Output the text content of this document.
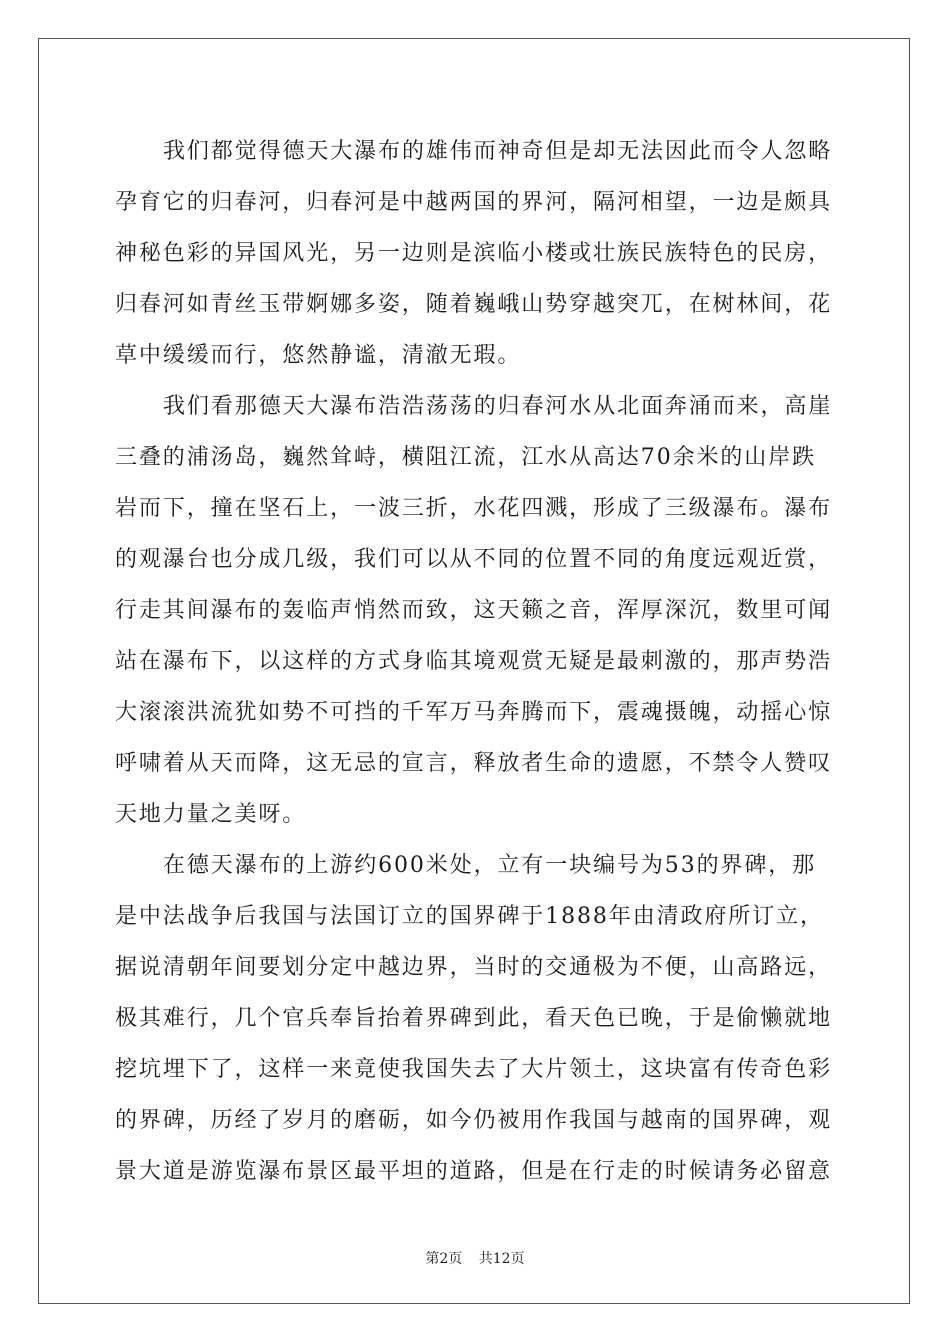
我们都觉得德天大瀑布的雄伟而神奇但是却无法因此而令人忽略
孕育它的归春河，归春河是中越两国的界河，隔河相望，一边是颇具
神秘色彩的异国风光，另一边则是滨临小楼或壮族民族特色的民房，
归春河如青丝玉带婀娜多姿，随着巍峨山势穿越突兀，在树林间，花
草中缓缓而行，悠然静谧，清澈无瑕。
我们看那德天大瀑布浩浩荡荡的归春河水从北面奔涌而来，高崖
三叠的浦汤岛，巍然耸峙，横阻江流，江水从高达70余米的山岸跌
岩而下，撞在坚石上，一波三折，水花四溅，形成了三级瀑布。瀑布
的观瀑台也分成几级，我们可以从不同的位置不同的角度远观近赏，
行走其间瀑布的轰临声悄然而致，这天籁之音，浑厚深沉，数里可闻
站在瀑布下，以这样的方式身临其境观赏无疑是最刺激的，那声势浩
大滚滚洪流犹如势不可挡的千军万马奔腾而下，震魂摄魄，动摇心惊
呼啸着从天而降，这无忌的宣言，释放者生命的遗愿，不禁令人赞叹
天地力量之美呀。
在德天瀑布的上游约600米处，立有一块编号为53的界碑，那
是中法战争后我国与法国订立的国界碑于1888年由清政府所订立，
据说清朝年间要划分定中越边界，当时的交通极为不便，山高路远，
极其难行，几个官兵奉旨抬着界碑到此，看天色已晚，于是偷懒就地
挖坑埋下了，这样一来竟使我国失去了大片领土，这块富有传奇色彩
的界碑，历经了岁月的磨砺，如今仍被用作我国与越南的国界碑，观
景大道是游览瀑布景区最平坦的道路，但是在行走的时候请务必留意
第2页 共12页
